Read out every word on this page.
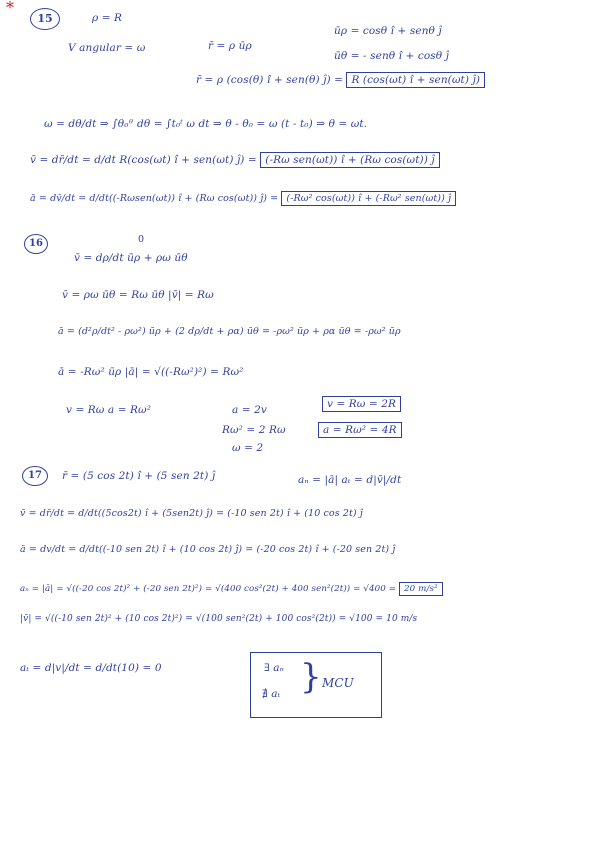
*
15	ρ = R
V angular = ω	r̄ = ρ ūρ
ūρ = cosθ î + senθ ĵ
ūθ = - senθ î + cosθ ĵ
r̄ = ρ (cos(θ) î + sen(θ) ĵ) = R (cos(ωt) î + sen(ωt) ĵ)
ω = dθ/dt ⇒ ∫θ₀ᶿ dθ = ∫t₀ᵗ ω dt ⇒ θ - θ₀ = ω (t - t₀) ⇒ θ = ωt.
v̄ = dr̄/dt = d/dt R(cos(ωt) î + sen(ωt) ĵ) = (-Rω sen(ωt)) î + (Rω cos(ωt)) ĵ
ā = dv̄/dt = d/dt((-Rωsen(ωt)) î + (Rω cos(ωt)) ĵ) = (-Rω² cos(ωt)) î + (-Rω² sen(ωt)) ĵ
16	0
v̄ = dρ/dt ūρ + ρω ūθ
v̄ = ρω ūθ = Rω ūθ |v̄| = Rω
ā = (d²ρ/dt² - ρω²) ūρ + (2 dρ/dt + ρα) ūθ = -ρω² ūρ + ρα ūθ = -ρω² ūρ
ā = -Rω² ūρ |ā| = √((-Rω²)²) = Rω²
v = Rω a = Rω²	a = 2v
Rω² = 2 Rω
ω = 2
v = Rω = 2R
a = Rω² = 4R
17	r̄ = (5 cos 2t) î + (5 sen 2t) ĵ	aₙ = |ā| aₜ = d|v̄|/dt
v̄ = dr̄/dt = d/dt((5cos2t) î + (5sen2t) ĵ) = (-10 sen 2t) î + (10 cos 2t) ĵ
ā = dv/dt = d/dt((-10 sen 2t) î + (10 cos 2t) ĵ) = (-20 cos 2t) î + (-20 sen 2t) ĵ
aₙ = |ā| = √((-20 cos 2t)² + (-20 sen 2t)²) = √(400 cos²(2t) + 400 sen²(2t)) = √400 = 20 m/s²
|v̄| = √((-10 sen 2t)² + (10 cos 2t)²) = √(100 sen²(2t) + 100 cos²(2t)) = √100 = 10 m/s
aₜ = d|v|/dt = d/dt(10) = 0	∃ aₙ
∄ aₜ } MCU
